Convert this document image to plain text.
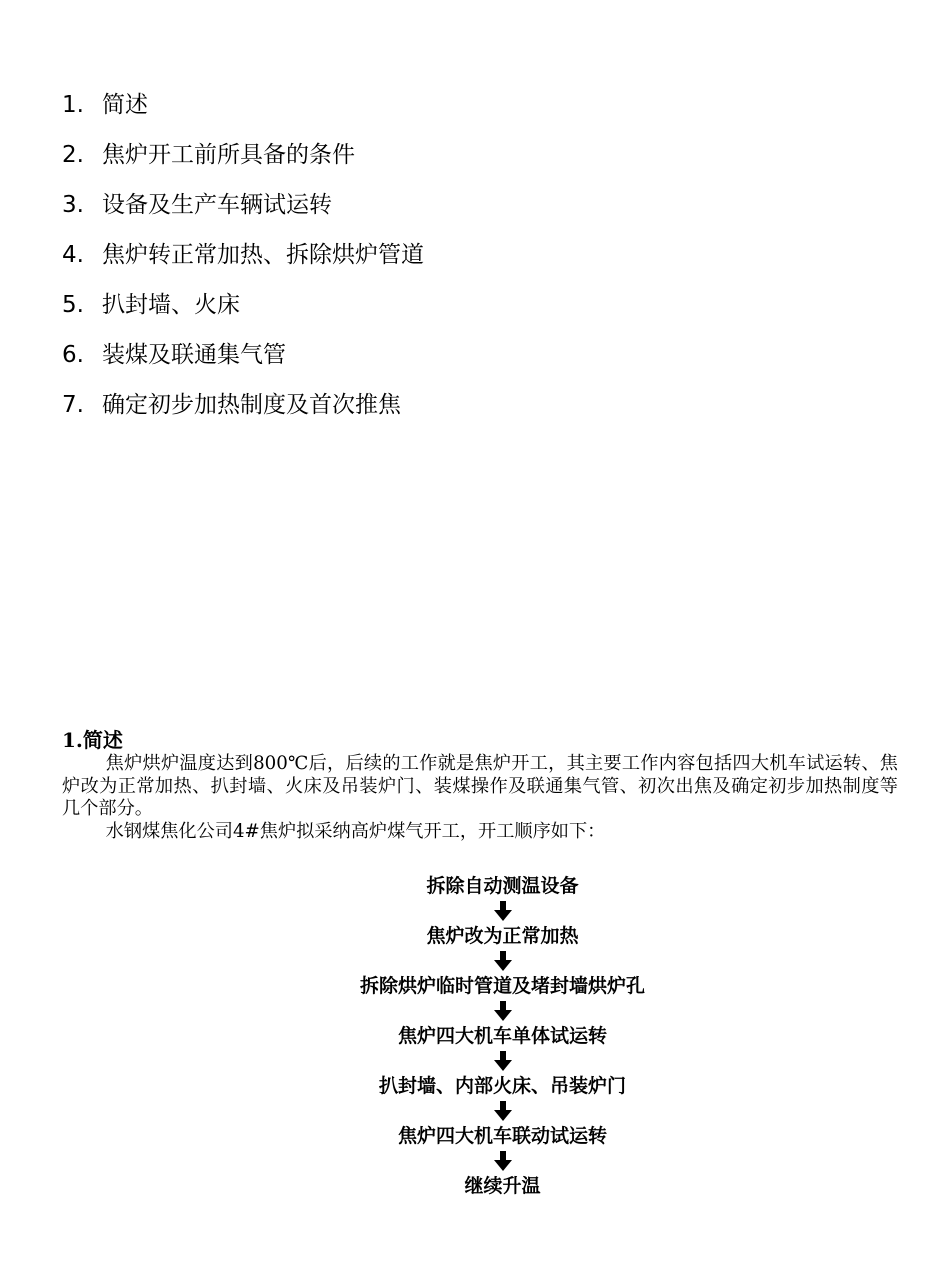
1. 简述
2. 焦炉开工前所具备的条件
3. 设备及生产车辆试运转
4. 焦炉转正常加热、拆除烘炉管道
5. 扒封墙、火床
6. 装煤及联通集气管
7. 确定初步加热制度及首次推焦
1.简述

焦炉烘炉温度达到800℃后，后续的工作就是焦炉开工，其主要工作内容包括四大机车试运转、焦炉改为正常加热、扒封墙、火床及吊装炉门、装煤操作及联通集气管、初次出焦及确定初步加热制度等几个部分。

水钢煤焦化公司4#焦炉拟采纳高炉煤气开工，开工顺序如下：

拆除自动测温设备
焦炉改为正常加热
拆除烘炉临时管道及堵封墙烘炉孔
焦炉四大机车单体试运转
扒封墙、内部火床、吊装炉门
焦炉四大机车联动试运转
继续升温
